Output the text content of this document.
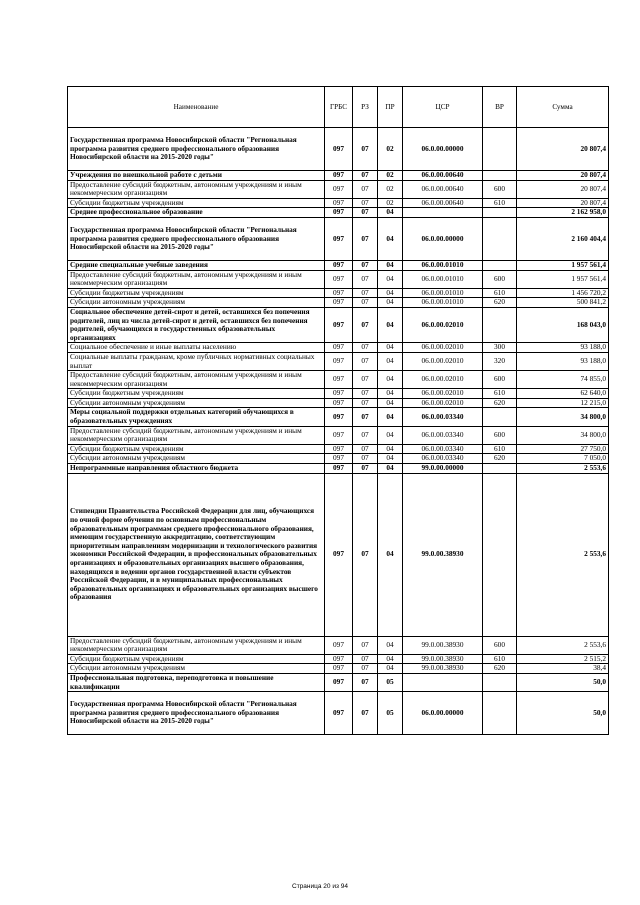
Наименование	ГРБС	РЗ	ПР	ЦСР	ВР	Сумма
Государственная программа Новосибирской области "Региональная программа развития среднего профессионального образования Новосибирской области на 2015-2020 годы"	097	07	02	06.0.00.00000		20 807,4
Учреждения по внешкольной работе с детьми	097	07	02	06.0.00.00640		20 807,4
Предоставление субсидий бюджетным, автономным учреждениям и иным некоммерческим организациям	097	07	02	06.0.00.00640	600	20 807,4
Субсидии бюджетным учреждениям	097	07	02	06.0.00.00640	610	20 807,4
Среднее профессиональное образование	097	07	04			2 162 958,0
Государственная программа Новосибирской области "Региональная программа развития среднего профессионального образования Новосибирской области на 2015-2020 годы"	097	07	04	06.0.00.00000		2 160 404,4
Средние специальные учебные заведения	097	07	04	06.0.00.01010		1 957 561,4
Предоставление субсидий бюджетным, автономным учреждениям и иным некоммерческим организациям	097	07	04	06.0.00.01010	600	1 957 561,4
Субсидии бюджетным учреждениям	097	07	04	06.0.00.01010	610	1 456 720,2
Субсидии автономным учреждениям	097	07	04	06.0.00.01010	620	500 841,2
Социальное обеспечение детей-сирот и детей, оставшихся без попечения родителей, лиц из числа детей-сирот и детей, оставшихся без попечения родителей, обучающихся в государственных образовательных организациях	097	07	04	06.0.00.02010		168 043,0
Социальное обеспечение и иные выплаты населению	097	07	04	06.0.00.02010	300	93 188,0
Социальные выплаты гражданам, кроме публичных нормативных социальных выплат	097	07	04	06.0.00.02010	320	93 188,0
Предоставление субсидий бюджетным, автономным учреждениям и иным некоммерческим организациям	097	07	04	06.0.00.02010	600	74 855,0
Субсидии бюджетным учреждениям	097	07	04	06.0.00.02010	610	62 640,0
Субсидии автономным учреждениям	097	07	04	06.0.00.02010	620	12 215,0
Меры социальной поддержки отдельных категорий обучающихся в образовательных учреждениях	097	07	04	06.0.00.03340		34 800,0
Предоставление субсидий бюджетным, автономным учреждениям и иным некоммерческим организациям	097	07	04	06.0.00.03340	600	34 800,0
Субсидии бюджетным учреждениям	097	07	04	06.0.00.03340	610	27 750,0
Субсидии автономным учреждениям	097	07	04	06.0.00.03340	620	7 050,0
Непрограммные направления областного бюджета	097	07	04	99.0.00.00000		2 553,6
Стипендии Правительства Российской Федерации для лиц, обучающихся по очной форме обучения по основным профессиональным образовательным программам среднего профессионального образования, имеющим государственную аккредитацию, соответствующим приоритетным направлениям модернизации и технологического развития экономики Российской Федерации, в профессиональных образовательных организациях и образовательных организациях высшего образования, находящихся в ведении органов государственной власти субъектов Российской Федерации, и в муниципальных профессиональных образовательных организациях и образовательных организациях высшего образования	097	07	04	99.0.00.38930		2 553,6
Предоставление субсидий бюджетным, автономным учреждениям и иным некоммерческим организациям	097	07	04	99.0.00.38930	600	2 553,6
Субсидии бюджетным учреждениям	097	07	04	99.0.00.38930	610	2 515,2
Субсидии автономным учреждениям	097	07	04	99.0.00.38930	620	38,4
Профессиональная подготовка, переподготовка и повышение квалификации	097	07	05			50,0
Государственная программа Новосибирской области "Региональная программа развития среднего профессионального образования Новосибирской области на 2015-2020 годы"	097	07	05	06.0.00.00000		50,0
Страница 20 из 94
